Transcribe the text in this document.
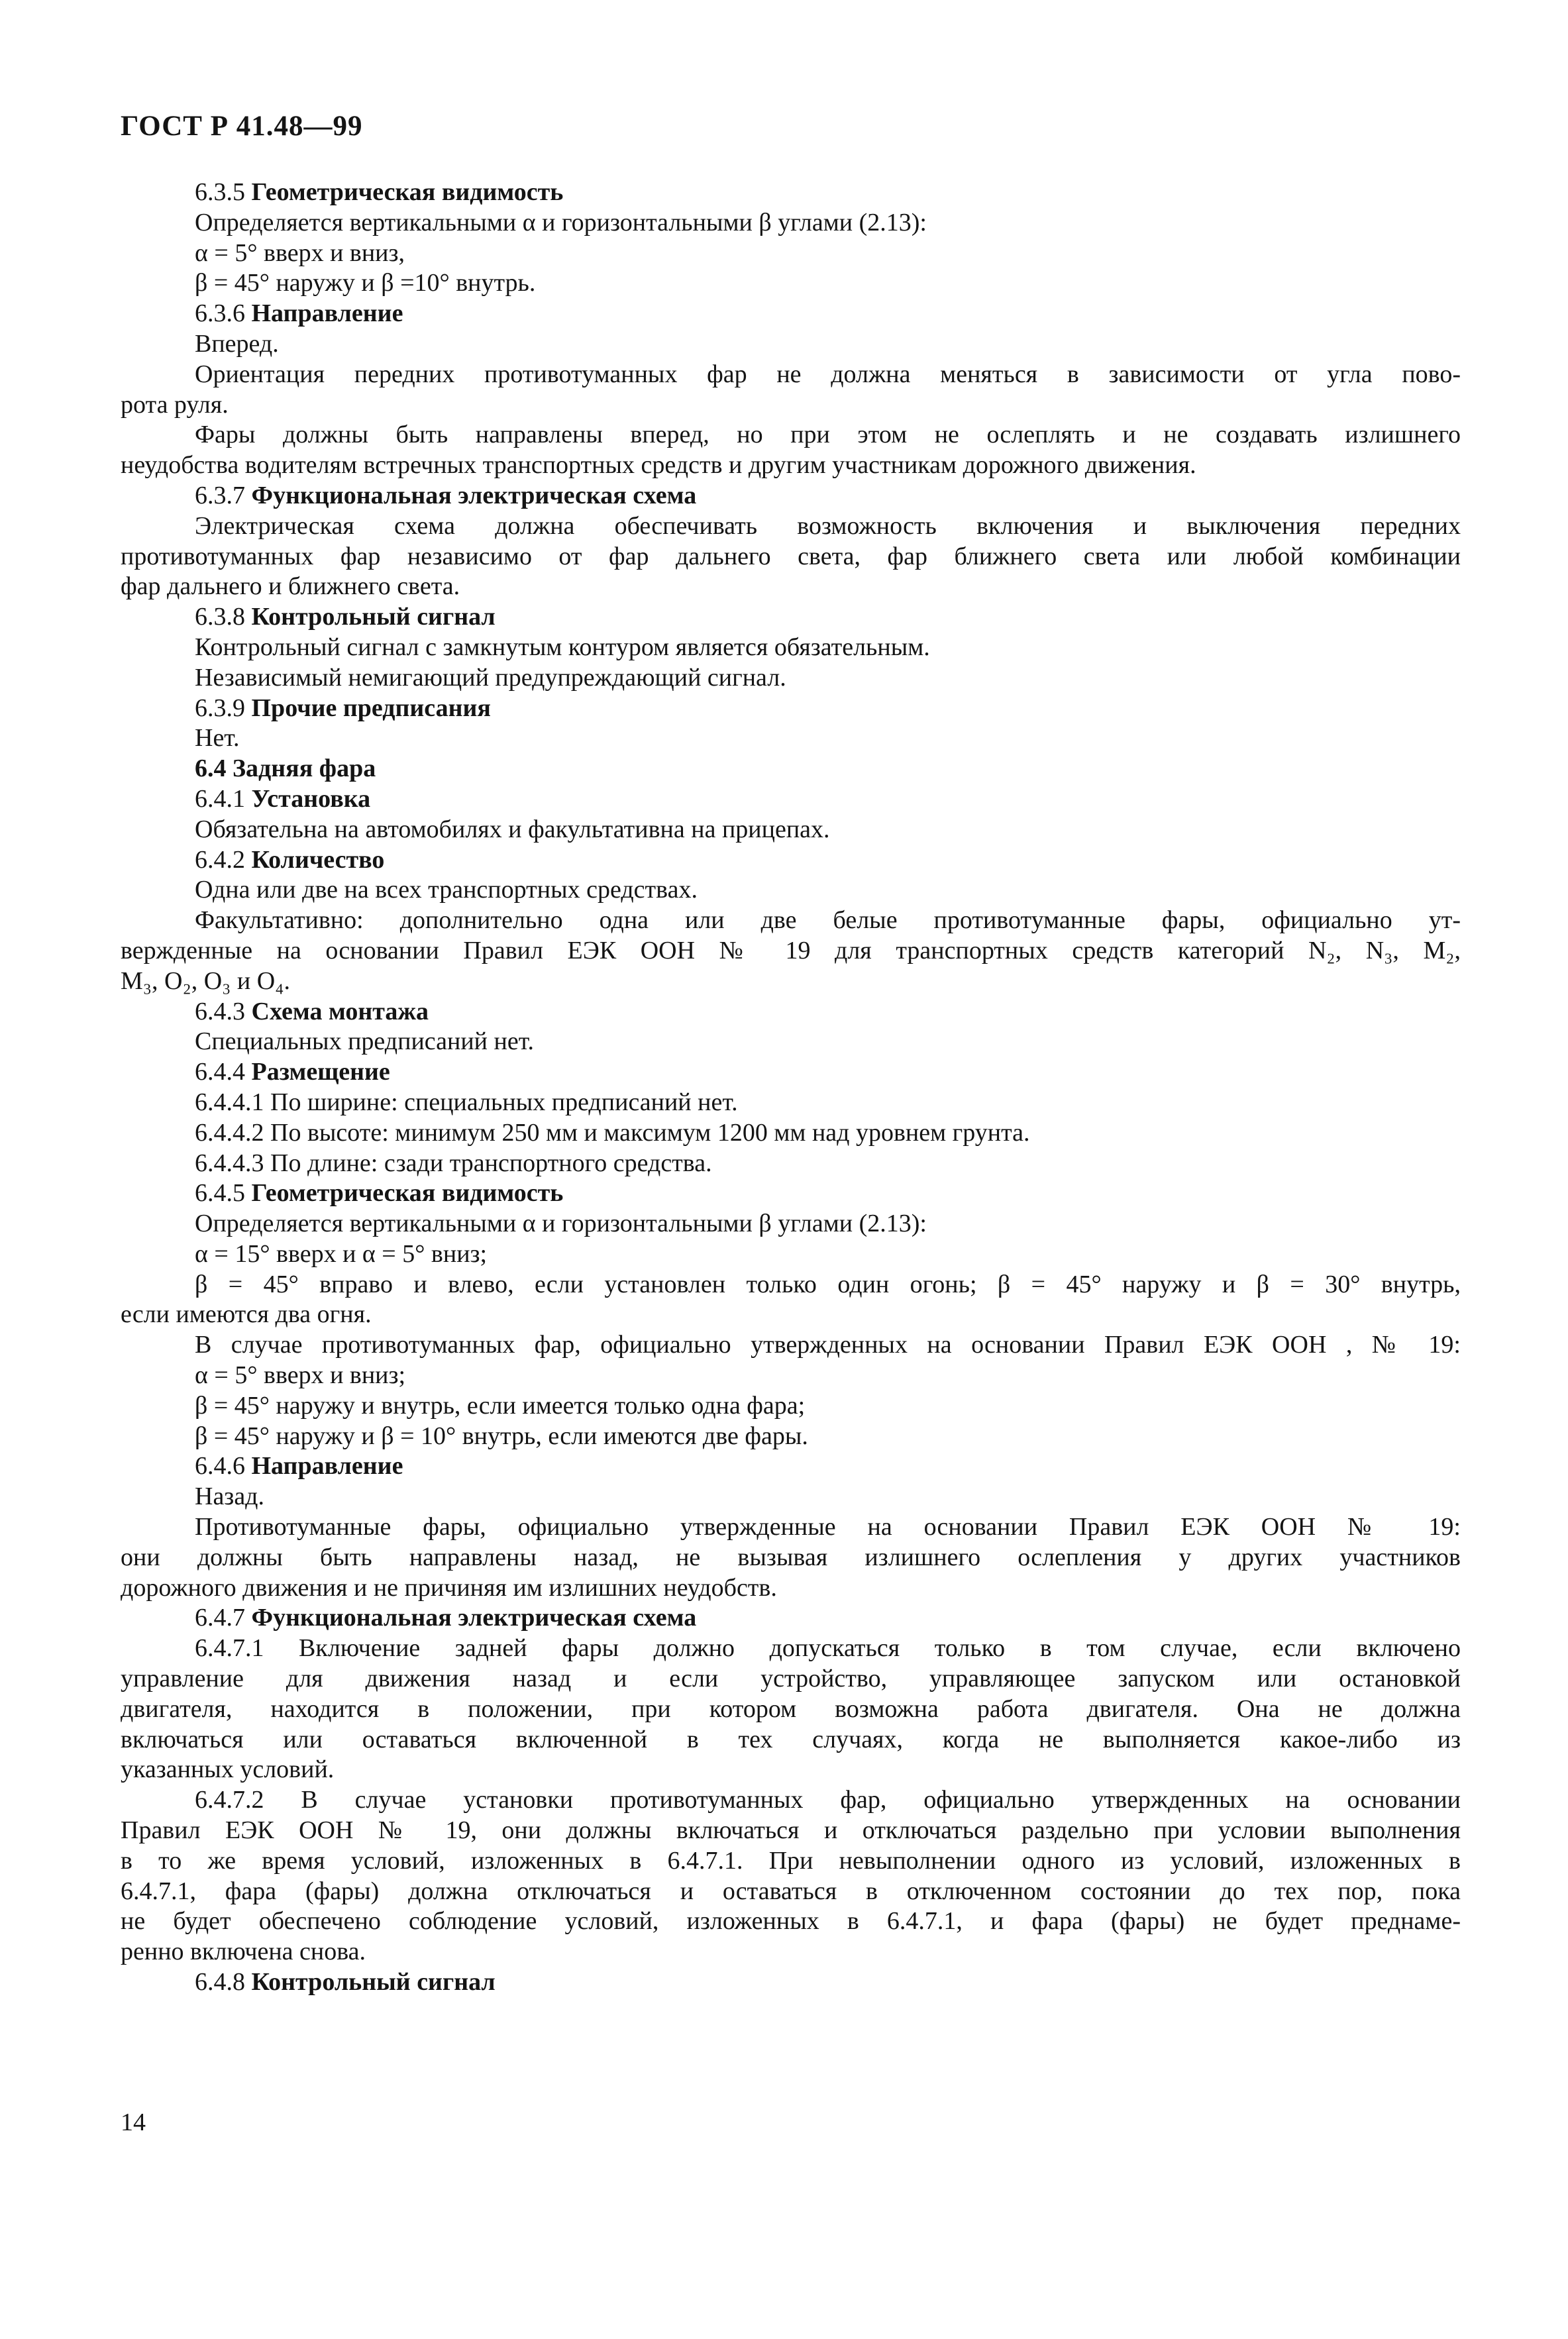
ГОСТ Р 41.48—99
6.3.5 Геометрическая видимость
Определяется вертикальными α и горизонтальными β углами (2.13):
α = 5° вверх и вниз,
β = 45° наружу и β =10° внутрь.
6.3.6 Направление
Вперед.
Ориентация передних противотуманных фар не должна меняться в зависимости от угла пово-
рота руля.
Фары должны быть направлены вперед, но при этом не ослеплять и не создавать излишнего
неудобства водителям встречных транспортных средств и другим участникам дорожного движения.
6.3.7 Функциональная электрическая схема
Электрическая схема должна обеспечивать возможность включения и выключения передних
противотуманных фар независимо от фар дальнего света, фар ближнего света или любой комбинации
фар дальнего и ближнего света.
6.3.8 Контрольный сигнал
Контрольный сигнал с замкнутым контуром является обязательным.
Независимый немигающий предупреждающий сигнал.
6.3.9 Прочие предписания
Нет.
6.4 Задняя фара
6.4.1 Установка
Обязательна на автомобилях и факультативна на прицепах.
6.4.2 Количество
Одна или две на всех транспортных средствах.
Факультативно: дополнительно одна или две белые противотуманные фары, официально ут-
вержденные на основании Правил ЕЭК ООН № 19 для транспортных средств категорий N₂, N₃, M₂,
M₃, O₂, O₃ и O₄.
6.4.3 Схема монтажа
Специальных предписаний нет.
6.4.4 Размещение
6.4.4.1 По ширине: специальных предписаний нет.
6.4.4.2 По высоте: минимум 250 мм и максимум 1200 мм над уровнем грунта.
6.4.4.3 По длине: сзади транспортного средства.
6.4.5 Геометрическая видимость
Определяется вертикальными α и горизонтальными β углами (2.13):
α = 15° вверх и α = 5° вниз;
β = 45° вправо и влево, если установлен только один огонь; β = 45° наружу и β = 30° внутрь,
если имеются два огня.
В случае противотуманных фар, официально утвержденных на основании Правил ЕЭК ООН , № 19:
α = 5° вверх и вниз;
β = 45° наружу и внутрь, если имеется только одна фара;
β = 45° наружу и β = 10° внутрь, если имеются две фары.
6.4.6 Направление
Назад.
Противотуманные фары, официально утвержденные на основании Правил ЕЭК ООН № 19:
они должны быть направлены назад, не вызывая излишнего ослепления у других участников
дорожного движения и не причиняя им излишних неудобств.
6.4.7 Функциональная электрическая схема
6.4.7.1 Включение задней фары должно допускаться только в том случае, если включено
управление для движения назад и если устройство, управляющее запуском или остановкой
двигателя, находится в положении, при котором возможна работа двигателя. Она не должна
включаться или оставаться включенной в тех случаях, когда не выполняется какое-либо из
указанных условий.
6.4.7.2 В случае установки противотуманных фар, официально утвержденных на основании
Правил ЕЭК ООН № 19, они должны включаться и отключаться раздельно при условии выполнения
в то же время условий, изложенных в 6.4.7.1. При невыполнении одного из условий, изложенных в
6.4.7.1, фара (фары) должна отключаться и оставаться в отключенном состоянии до тех пор, пока
не будет обеспечено соблюдение условий, изложенных в 6.4.7.1, и фара (фары) не будет преднаме-
ренно включена снова.
6.4.8 Контрольный сигнал
14
